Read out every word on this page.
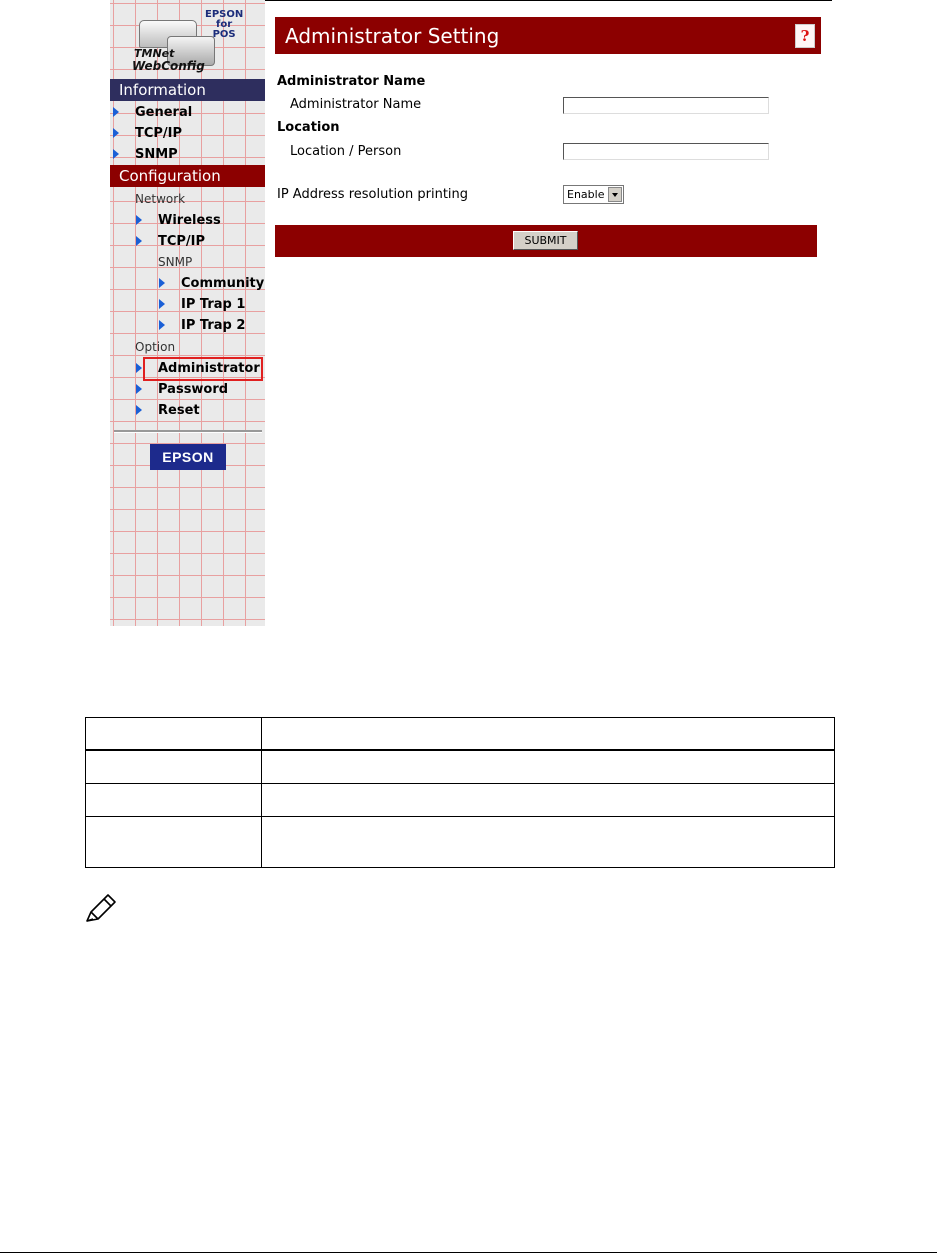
EPSON
for
POS
TMNet
WebConfig
Information
General
TCP/IP
SNMP
Configuration
Network
Wireless
TCP/IP
SNMP
Community
IP Trap 1
IP Trap 2
Option
Administrator
Password
Reset
EPSON
Administrator Setting	?
Administrator Name
Administrator Name
Location
Location / Person
IP Address resolution printing	Enable
SUBMIT
